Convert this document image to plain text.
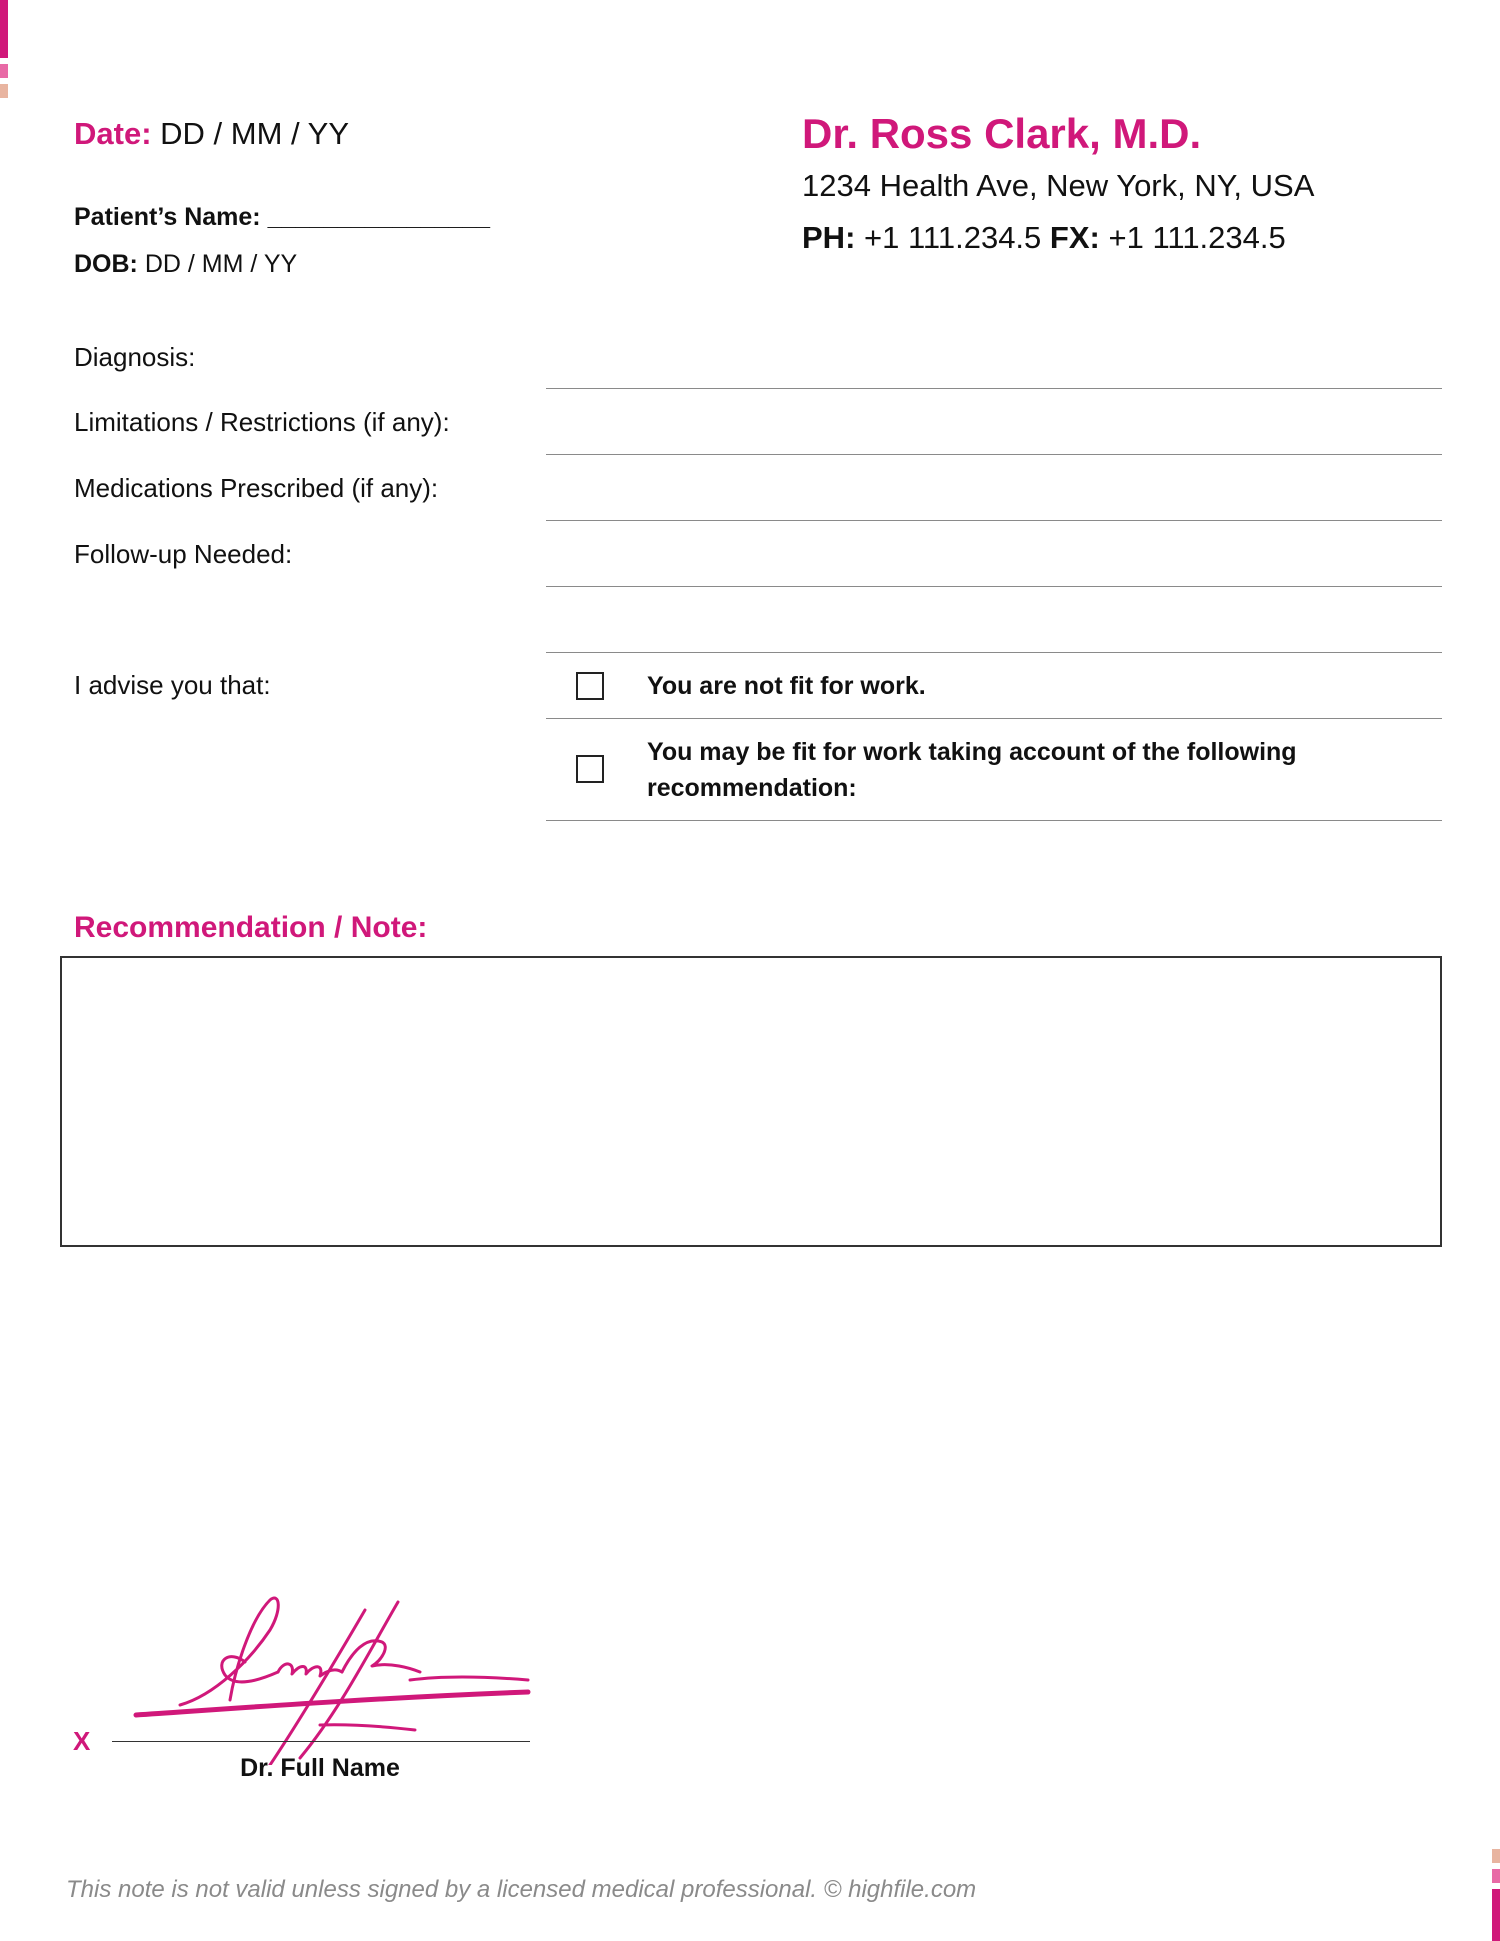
Date: DD / MM / YY	Dr. Ross Clark, M.D.
1234 Health Ave, New York, NY, USA
PH: +1 111.234.5 FX: +1 111.234.5
Patient’s Name: ________________
DOB: DD / MM / YY
Diagnosis:
Limitations / Restrictions (if any):
Medications Prescribed (if any):
Follow-up Needed:
I advise you that:	You are not fit for work.
You may be fit for work taking account of the following recommendation:
Recommendation / Note:
X
Dr. Full Name
This note is not valid unless signed by a licensed medical professional. © highfile.com
